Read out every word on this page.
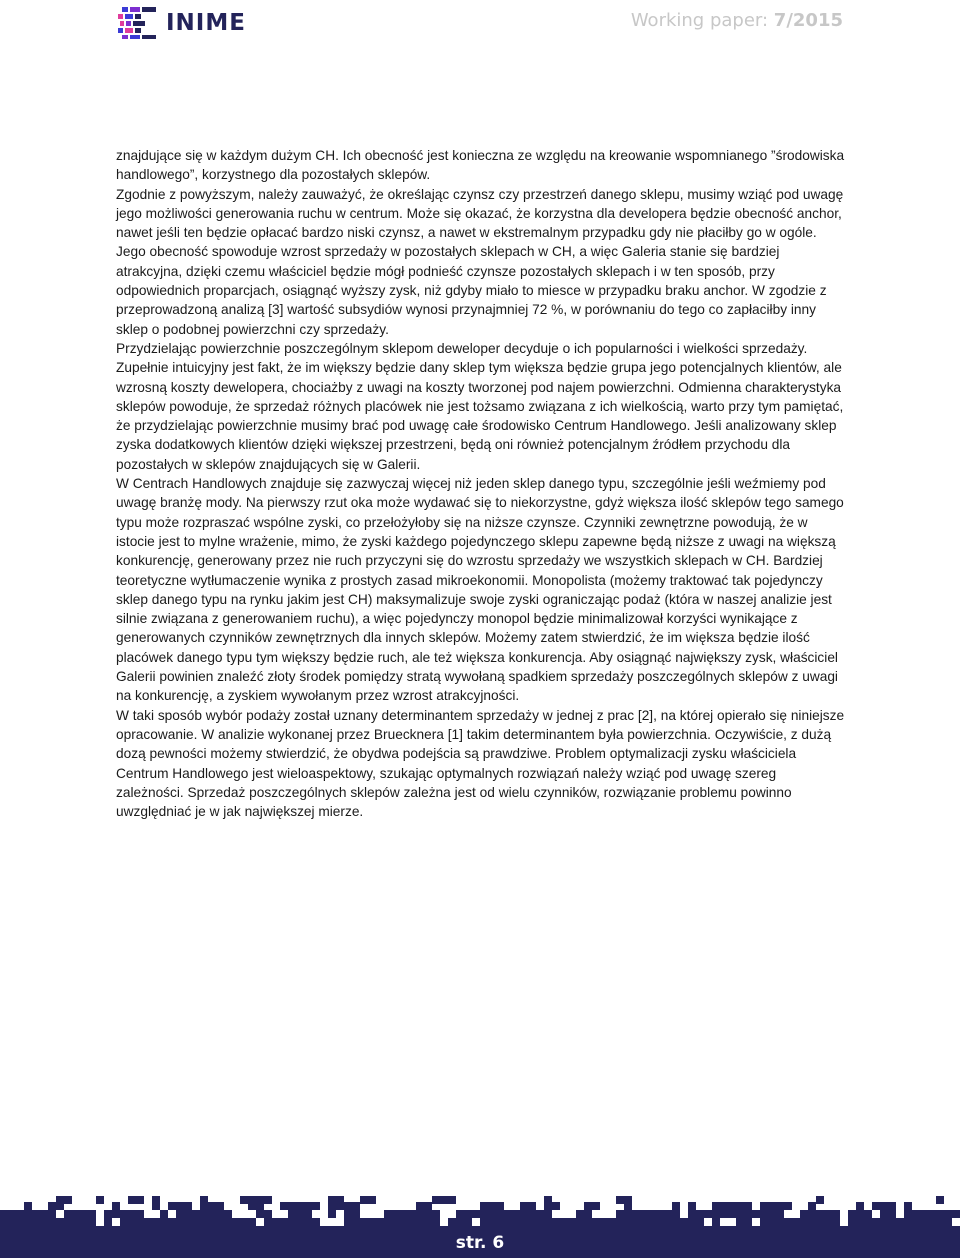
INIME	Working paper: 7/2015

znajdujące się w każdym dużym CH. Ich obecność jest konieczna ze względu na kreowanie wspomnianego ”środowiska handlowego”, korzystnego dla pozostałych sklepów.

Zgodnie z powyższym, należy zauważyć, że określając czynsz czy przestrzeń danego sklepu, musimy wziąć pod uwagę jego możliwości generowania ruchu w centrum. Może się okazać, że korzystna dla developera będzie obecność anchor, nawet jeśli ten będzie opłacać bardzo niski czynsz, a nawet w ekstremalnym przypadku gdy nie płaciłby go w ogóle. Jego obecność spowoduje wzrost sprzedaży w pozostałych sklepach w CH, a więc Galeria stanie się bardziej atrakcyjna, dzięki czemu właściciel będzie mógł podnieść czynsze pozostałych sklepach i w ten sposób, przy odpowiednich proparcjach, osiągnąć wyższy zysk, niż gdyby miało to miesce w przypadku braku anchor. W zgodzie z przeprowadzoną analizą [3] wartość subsydiów wynosi przynajmniej 72 %, w porównaniu do tego co zapłaciłby inny sklep o podobnej powierzchni czy sprzedaży.

Przydzielając powierzchnie poszczególnym sklepom deweloper decyduje o ich popularności i wielkości sprzedaży. Zupełnie intuicyjny jest fakt, że im większy będzie dany sklep tym większa będzie grupa jego potencjalnych klientów, ale wzrosną koszty dewelopera, chociażby z uwagi na koszty tworzonej pod najem powierzchni. Odmienna charakterystyka sklepów powoduje, że sprzedaż różnych placówek nie jest tożsamo związana z ich wielkością, warto przy tym pamiętać, że przydzielając powierzchnie musimy brać pod uwagę całe środowisko Centrum Handlowego. Jeśli analizowany sklep zyska dodatkowych klientów dzięki większej przestrzeni, będą oni również potencjalnym źródłem przychodu dla pozostałych w sklepów znajdujących się w Galerii.

W Centrach Handlowych znajduje się zazwyczaj więcej niż jeden sklep danego typu, szczególnie jeśli weźmiemy pod uwagę branżę mody. Na pierwszy rzut oka może wydawać się to niekorzystne, gdyż większa ilość sklepów tego samego typu może rozpraszać wspólne zyski, co przełożyłoby się na niższe czynsze. Czynniki zewnętrzne powodują, że w istocie jest to mylne wrażenie, mimo, że zyski każdego pojedynczego sklepu zapewne będą niższe z uwagi na większą konkurencję, generowany przez nie ruch przyczyni się do wzrostu sprzedaży we wszystkich sklepach w CH. Bardziej teoretyczne wytłumaczenie wynika z prostych zasad mikroekonomii. Monopolista (możemy traktować tak pojedynczy sklep danego typu na rynku jakim jest CH) maksymalizuje swoje zyski ograniczając podaż (która w naszej analizie jest silnie związana z generowaniem ruchu), a więc pojedynczy monopol będzie minimalizował korzyści wynikające z generowanych czynników zewnętrznych dla innych sklepów. Możemy zatem stwierdzić, że im większa będzie ilość placówek danego typu tym większy będzie ruch, ale też większa konkurencja. Aby osiągnąć największy zysk, właściciel Galerii powinien znaleźć złoty środek pomiędzy stratą wywołaną spadkiem sprzedaży poszczególnych sklepów z uwagi na konkurencję, a zyskiem wywołanym przez wzrost atrakcyjności.

W taki sposób wybór podaży został uznany determinantem sprzedaży w jednej z prac [2], na której opierało się niniejsze opracowanie. W analizie wykonanej przez Bruecknera [1] takim determinantem była powierzchnia. Oczywiście, z dużą dozą pewności możemy stwierdzić, że obydwa podejścia są prawdziwe. Problem optymalizacji zysku właściciela Centrum Handlowego jest wieloaspektowy, szukając optymalnych rozwiązań należy wziąć pod uwagę szereg zależności. Sprzedaż poszczególnych sklepów zależna jest od wielu czynników, rozwiązanie problemu powinno uwzględniać je w jak największej mierze.

str. 6
